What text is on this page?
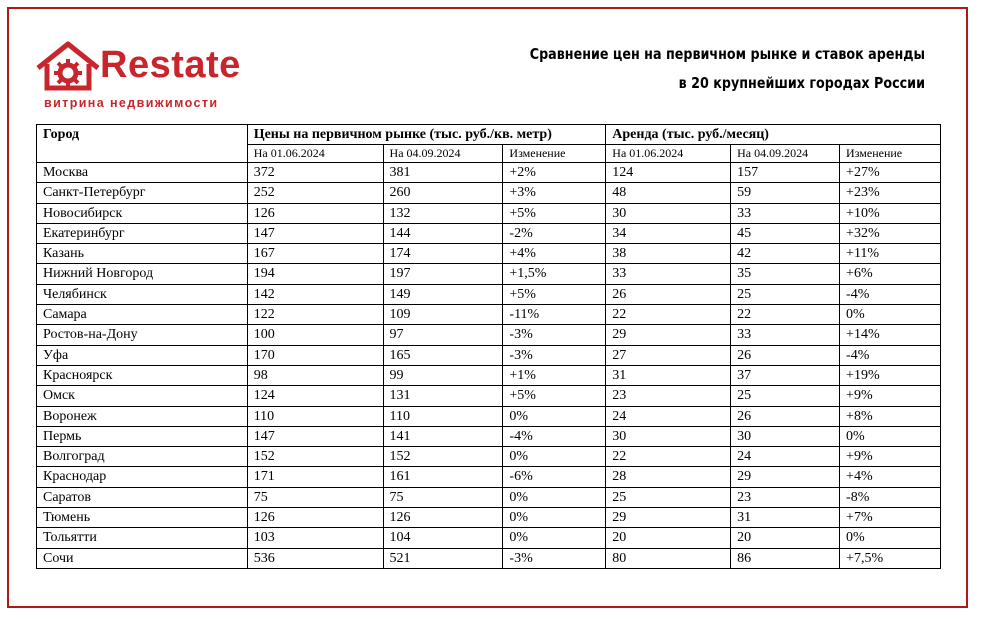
Restate
витрина недвижимости
Сравнение цен на первичном рынке и ставок аренды
в 20 крупнейших городах России
Город	Цены на первичном рынке (тыс. руб./кв. метр)			Аренда (тыс. руб./месяц)		
	На 01.06.2024	На 04.09.2024	Изменение	На 01.06.2024	На 04.09.2024	Изменение
Москва	372	381	+2%	124	157	+27%
Санкт-Петербург	252	260	+3%	48	59	+23%
Новосибирск	126	132	+5%	30	33	+10%
Екатеринбург	147	144	-2%	34	45	+32%
Казань	167	174	+4%	38	42	+11%
Нижний Новгород	194	197	+1,5%	33	35	+6%
Челябинск	142	149	+5%	26	25	-4%
Самара	122	109	-11%	22	22	0%
Ростов-на-Дону	100	97	-3%	29	33	+14%
Уфа	170	165	-3%	27	26	-4%
Красноярск	98	99	+1%	31	37	+19%
Омск	124	131	+5%	23	25	+9%
Воронеж	110	110	0%	24	26	+8%
Пермь	147	141	-4%	30	30	0%
Волгоград	152	152	0%	22	24	+9%
Краснодар	171	161	-6%	28	29	+4%
Саратов	75	75	0%	25	23	-8%
Тюмень	126	126	0%	29	31	+7%
Тольятти	103	104	0%	20	20	0%
Сочи	536	521	-3%	80	86	+7,5%
